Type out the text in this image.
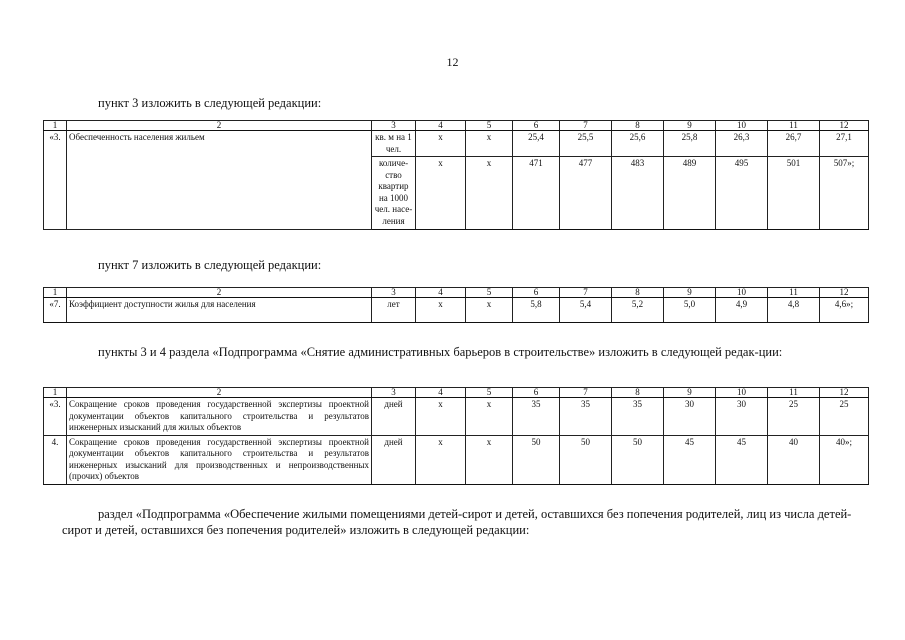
12
пункт 3 изложить в следующей редакции:
1	2	3	4	5	6	7	8	9	10	11	12
«3.	Обеспеченность населения жильем	кв. м на 1 чел.	х	х	25,4	25,5	25,6	25,8	26,3	26,7	27,1
		количе-ство квартир на 1000 чел. насе-ления	х	х	471	477	483	489	495	501	507»;
пункт 7 изложить в следующей редакции:
1	2	3	4	5	6	7	8	9	10	11	12
«7.	Коэффициент доступности жилья для населения	лет	х	х	5,8	5,4	5,2	5,0	4,9	4,8	4,6»;
пункты 3 и 4 раздела «Подпрограмма «Снятие административных барьеров в строительстве» изложить в следующей редак-ции:
1	2	3	4	5	6	7	8	9	10	11	12
«3.	Сокращение сроков проведения государственной экспертизы проектной документации объектов капитального строительства и результатов инженерных изысканий для жилых объектов	дней	х	х	35	35	35	30	30	25	25
4.	Сокращение сроков проведения государственной экспертизы проектной документации объектов капитального строительства и результатов инженерных изысканий для производственных и непроизводственных (прочих) объектов	дней	х	х	50	50	50	45	45	40	40»;
раздел «Подпрограмма «Обеспечение жилыми помещениями детей-сирот и детей, оставшихся без попечения родителей, лиц из числа детей-сирот и детей, оставшихся без попечения родителей» изложить в следующей редакции:
